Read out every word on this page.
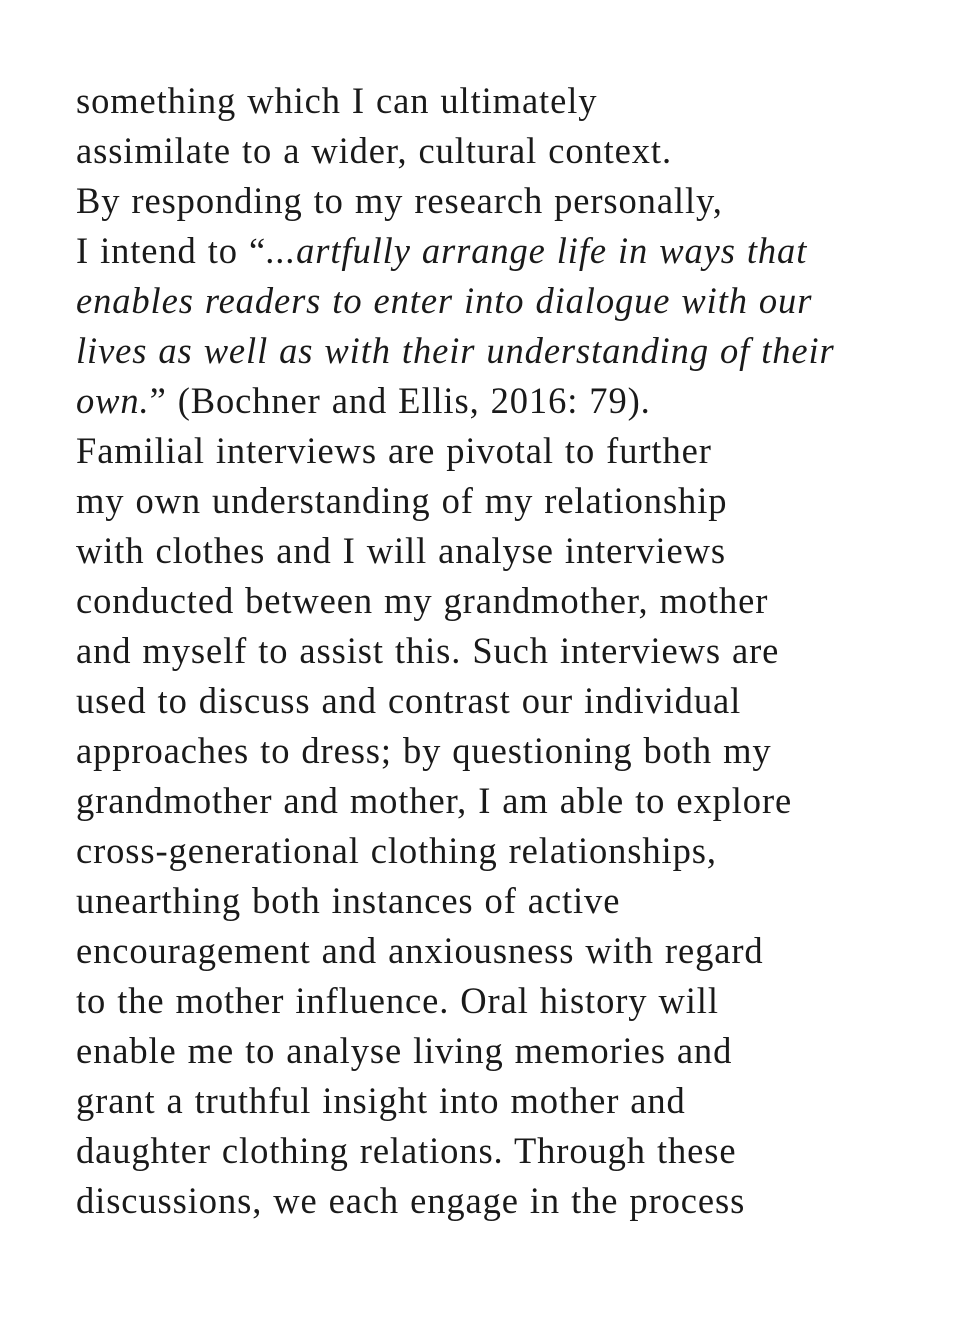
something which I can ultimately
assimilate to a wider, cultural context.
By responding to my research personally,
I intend to “...artfully arrange life in ways that
enables readers to enter into dialogue with our
lives as well as with their understanding of their
own.” (Bochner and Ellis, 2016: 79).
Familial interviews are pivotal to further
my own understanding of my relationship
with clothes and I will analyse interviews
conducted between my grandmother, mother
and myself to assist this. Such interviews are
used to discuss and contrast our individual
approaches to dress; by questioning both my
grandmother and mother, I am able to explore
cross-generational clothing relationships,
unearthing both instances of active
encouragement and anxiousness with regard
to the mother influence. Oral history will
enable me to analyse living memories and
grant a truthful insight into mother and
daughter clothing relations. Through these
discussions, we each engage in the process
